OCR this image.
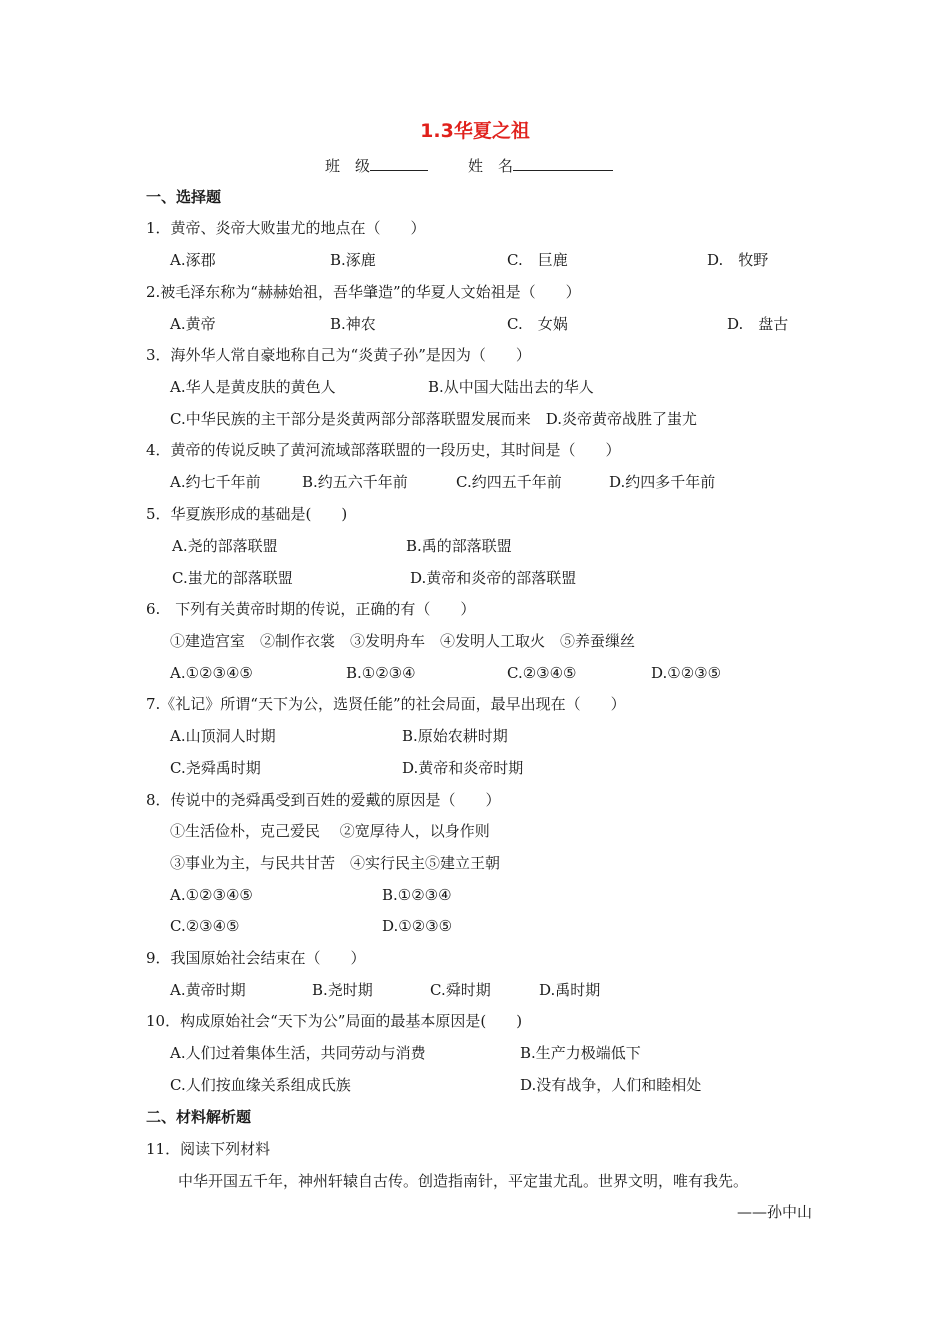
1.3华夏之祖
班　级	姓　名
一、选择题
1．黄帝、炎帝大败蚩尤的地点在（　　）
A.涿郡	B.涿鹿	C.　巨鹿	D.　牧野
2.被毛泽东称为“赫赫始祖，吾华肇造”的华夏人文始祖是（　　）
A.黄帝	B.神农	C.　女娲	D.　盘古
3．海外华人常自豪地称自己为“炎黄子孙”是因为（　　）
A.华人是黄皮肤的黄色人	B.从中国大陆出去的华人
C.中华民族的主干部分是炎黄两部分部落联盟发展而来　D.炎帝黄帝战胜了蚩尤
4．黄帝的传说反映了黄河流域部落联盟的一段历史，其时间是（　　）
A.约七千年前	B.约五六千年前	C.约四五千年前	D.约四多千年前
5．华夏族形成的基础是(　　)
A.尧的部落联盟	B.禹的部落联盟
C.蚩尤的部落联盟	D.黄帝和炎帝的部落联盟
6.　下列有关黄帝时期的传说，正确的有（　　）
①建造宫室　②制作衣裳　③发明舟车　④发明人工取火　⑤养蚕缫丝
A.①②③④⑤	B.①②③④	C.②③④⑤	D.①②③⑤
7.《礼记》所谓“天下为公，选贤任能”的社会局面，最早出现在（　　）
A.山顶洞人时期	B.原始农耕时期
C.尧舜禹时期	D.黄帝和炎帝时期
8．传说中的尧舜禹受到百姓的爱戴的原因是（　　）
①生活俭朴，克己爱民　 ②宽厚待人，以身作则
③事业为主，与民共甘苦　④实行民主⑤建立王朝
A.①②③④⑤	B.①②③④
C.②③④⑤	D.①②③⑤
9．我国原始社会结束在（　　）
A.黄帝时期	B.尧时期	C.舜时期	D.禹时期
10．构成原始社会“天下为公”局面的最基本原因是(　　)
A.人们过着集体生活，共同劳动与消费	B.生产力极端低下
C.人们按血缘关系组成氏族	D.没有战争，人们和睦相处
二、材料解析题
11．阅读下列材料
中华开国五千年，神州轩辕自古传。创造指南针，平定蚩尤乱。世界文明，唯有我先。
——孙中山
